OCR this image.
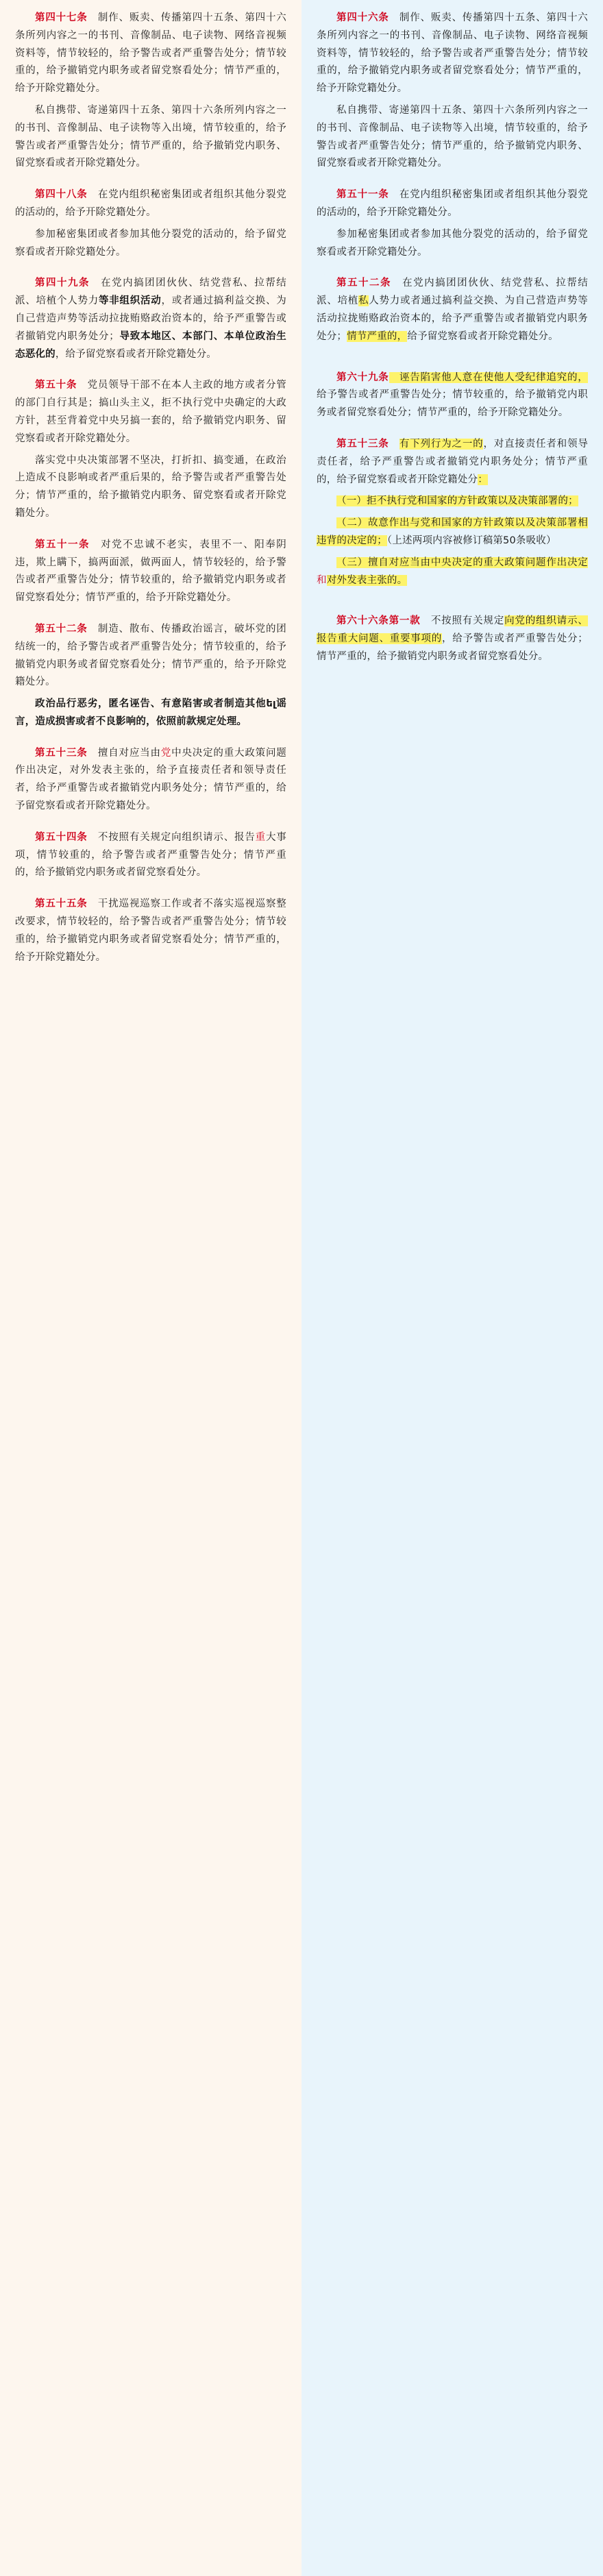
第四十七条　制作、贩卖、传播第四十五条、第四十六条所列内容之一的书刊、音像制品、电子读物、网络音视频资料等，情节较轻的，给予警告或者严重警告处分；情节较重的，给予撤销党内职务或者留党察看处分；情节严重的，给予开除党籍处分。

私自携带、寄递第四十五条、第四十六条所列内容之一的书刊、音像制品、电子读物等入出境，情节较重的，给予警告或者严重警告处分；情节严重的，给予撤销党内职务、留党察看或者开除党籍处分。

第四十八条　在党内组织秘密集团或者组织其他分裂党的活动的，给予开除党籍处分。

参加秘密集团或者参加其他分裂党的活动的，给予留党察看或者开除党籍处分。

第四十九条　在党内搞团团伙伙、结党营私、拉帮结派、培植个人势力等非组织活动，或者通过搞利益交换、为自己营造声势等活动拉拢贿赂政治资本的，给予严重警告或者撤销党内职务处分；导致本地区、本部门、本单位政治生态恶化的，给予留党察看或者开除党籍处分。

第五十条　党员领导干部不在本人主政的地方或者分管的部门自行其是；搞山头主义，拒不执行党中央确定的大政方针，甚至背着党中央另搞一套的，给予撤销党内职务、留党察看或者开除党籍处分。

落实党中央决策部署不坚决，打折扣、搞变通，在政治上造成不良影响或者严重后果的，给予警告或者严重警告处分；情节严重的，给予撤销党内职务、留党察看或者开除党籍处分。

第五十一条　对党不忠诚不老实，表里不一、阳奉阴违，欺上瞒下，搞两面派，做两面人，情节较轻的，给予警告或者严重警告处分；情节较重的，给予撤销党内职务或者留党察看处分；情节严重的，给予开除党籍处分。

第五十二条　制造、散布、传播政治谣言，破坏党的团结统一的，给予警告或者严重警告处分；情节较重的，给予撤销党内职务或者留党察看处分；情节严重的，给予开除党籍处分。

政治品行恶劣，匿名诬告、有意陷害或者制造其他ել谣言，造成损害或者不良影响的，依照前款规定处理。

第五十三条　擅自对应当由党中央决定的重大政策问题作出决定，对外发表主张的，给予直接责任者和领导责任者，给予严重警告或者撤销党内职务处分；情节严重的，给予留党察看或者开除党籍处分。

第五十四条　不按照有关规定向组织请示、报告重大事项，情节较重的，给予警告或者严重警告处分；情节严重的，给予撤销党内职务或者留党察看处分。

第五十五条　干扰巡视巡察工作或者不落实巡视巡察整改要求，情节较轻的，给予警告或者严重警告处分；情节较重的，给予撤销党内职务或者留党察看处分；情节严重的，给予开除党籍处分。

第四十六条　制作、贩卖、传播第四十五条、第四十六条所列内容之一的书刊、音像制品、电子读物、网络音视频资料等，情节较轻的，给予警告或者严重警告处分；情节较重的，给予撤销党内职务或者留党察看处分；情节严重的，给予开除党籍处分。

私自携带、寄递第四十五条、第四十六条所列内容之一的书刊、音像制品、电子读物等入出境，情节较重的，给予警告或者严重警告处分；情节严重的，给予撤销党内职务、留党察看或者开除党籍处分。

第五十一条　在党内组织秘密集团或者组织其他分裂党的活动的，给予开除党籍处分。

参加秘密集团或者参加其他分裂党的活动的，给予留党察看或者开除党籍处分。

第五十二条　在党内搞团团伙伙、结党营私、拉帮结派、培植私人势力或者通过搞利益交换、为自己营造声势等活动拉拢贿赂政治资本的，给予严重警告或者撤销党内职务处分；情节严重的，给予留党察看或者开除党籍处分。

第六十九条　诬告陷害他人意在使他人受纪律追究的，给予警告或者严重警告处分；情节较重的，给予撤销党内职务或者留党察看处分；情节严重的，给予开除党籍处分。

第五十三条　 有下列行为之一的，对直接责任者和领导责任者，给予严重警告或者撤销党内职务处分；情节严重的，给予留党察看或者开除党籍处分：

（一）拒不执行党和国家的方针政策以及决策部署的；

（二）故意作出与党和国家的方针政策以及决策部署相违背的决定的；（上述两项内容被修订稿第50条吸收）

（三）擅自对应当由中央决定的重大政策问题作出决定和对外发表主张的。

第六十六条第一款　不按照有关规定向党的组织请示、报告重大问题、重要事项的，给予警告或者严重警告处分；情节严重的，给予撤销党内职务或者留党察看处分。
